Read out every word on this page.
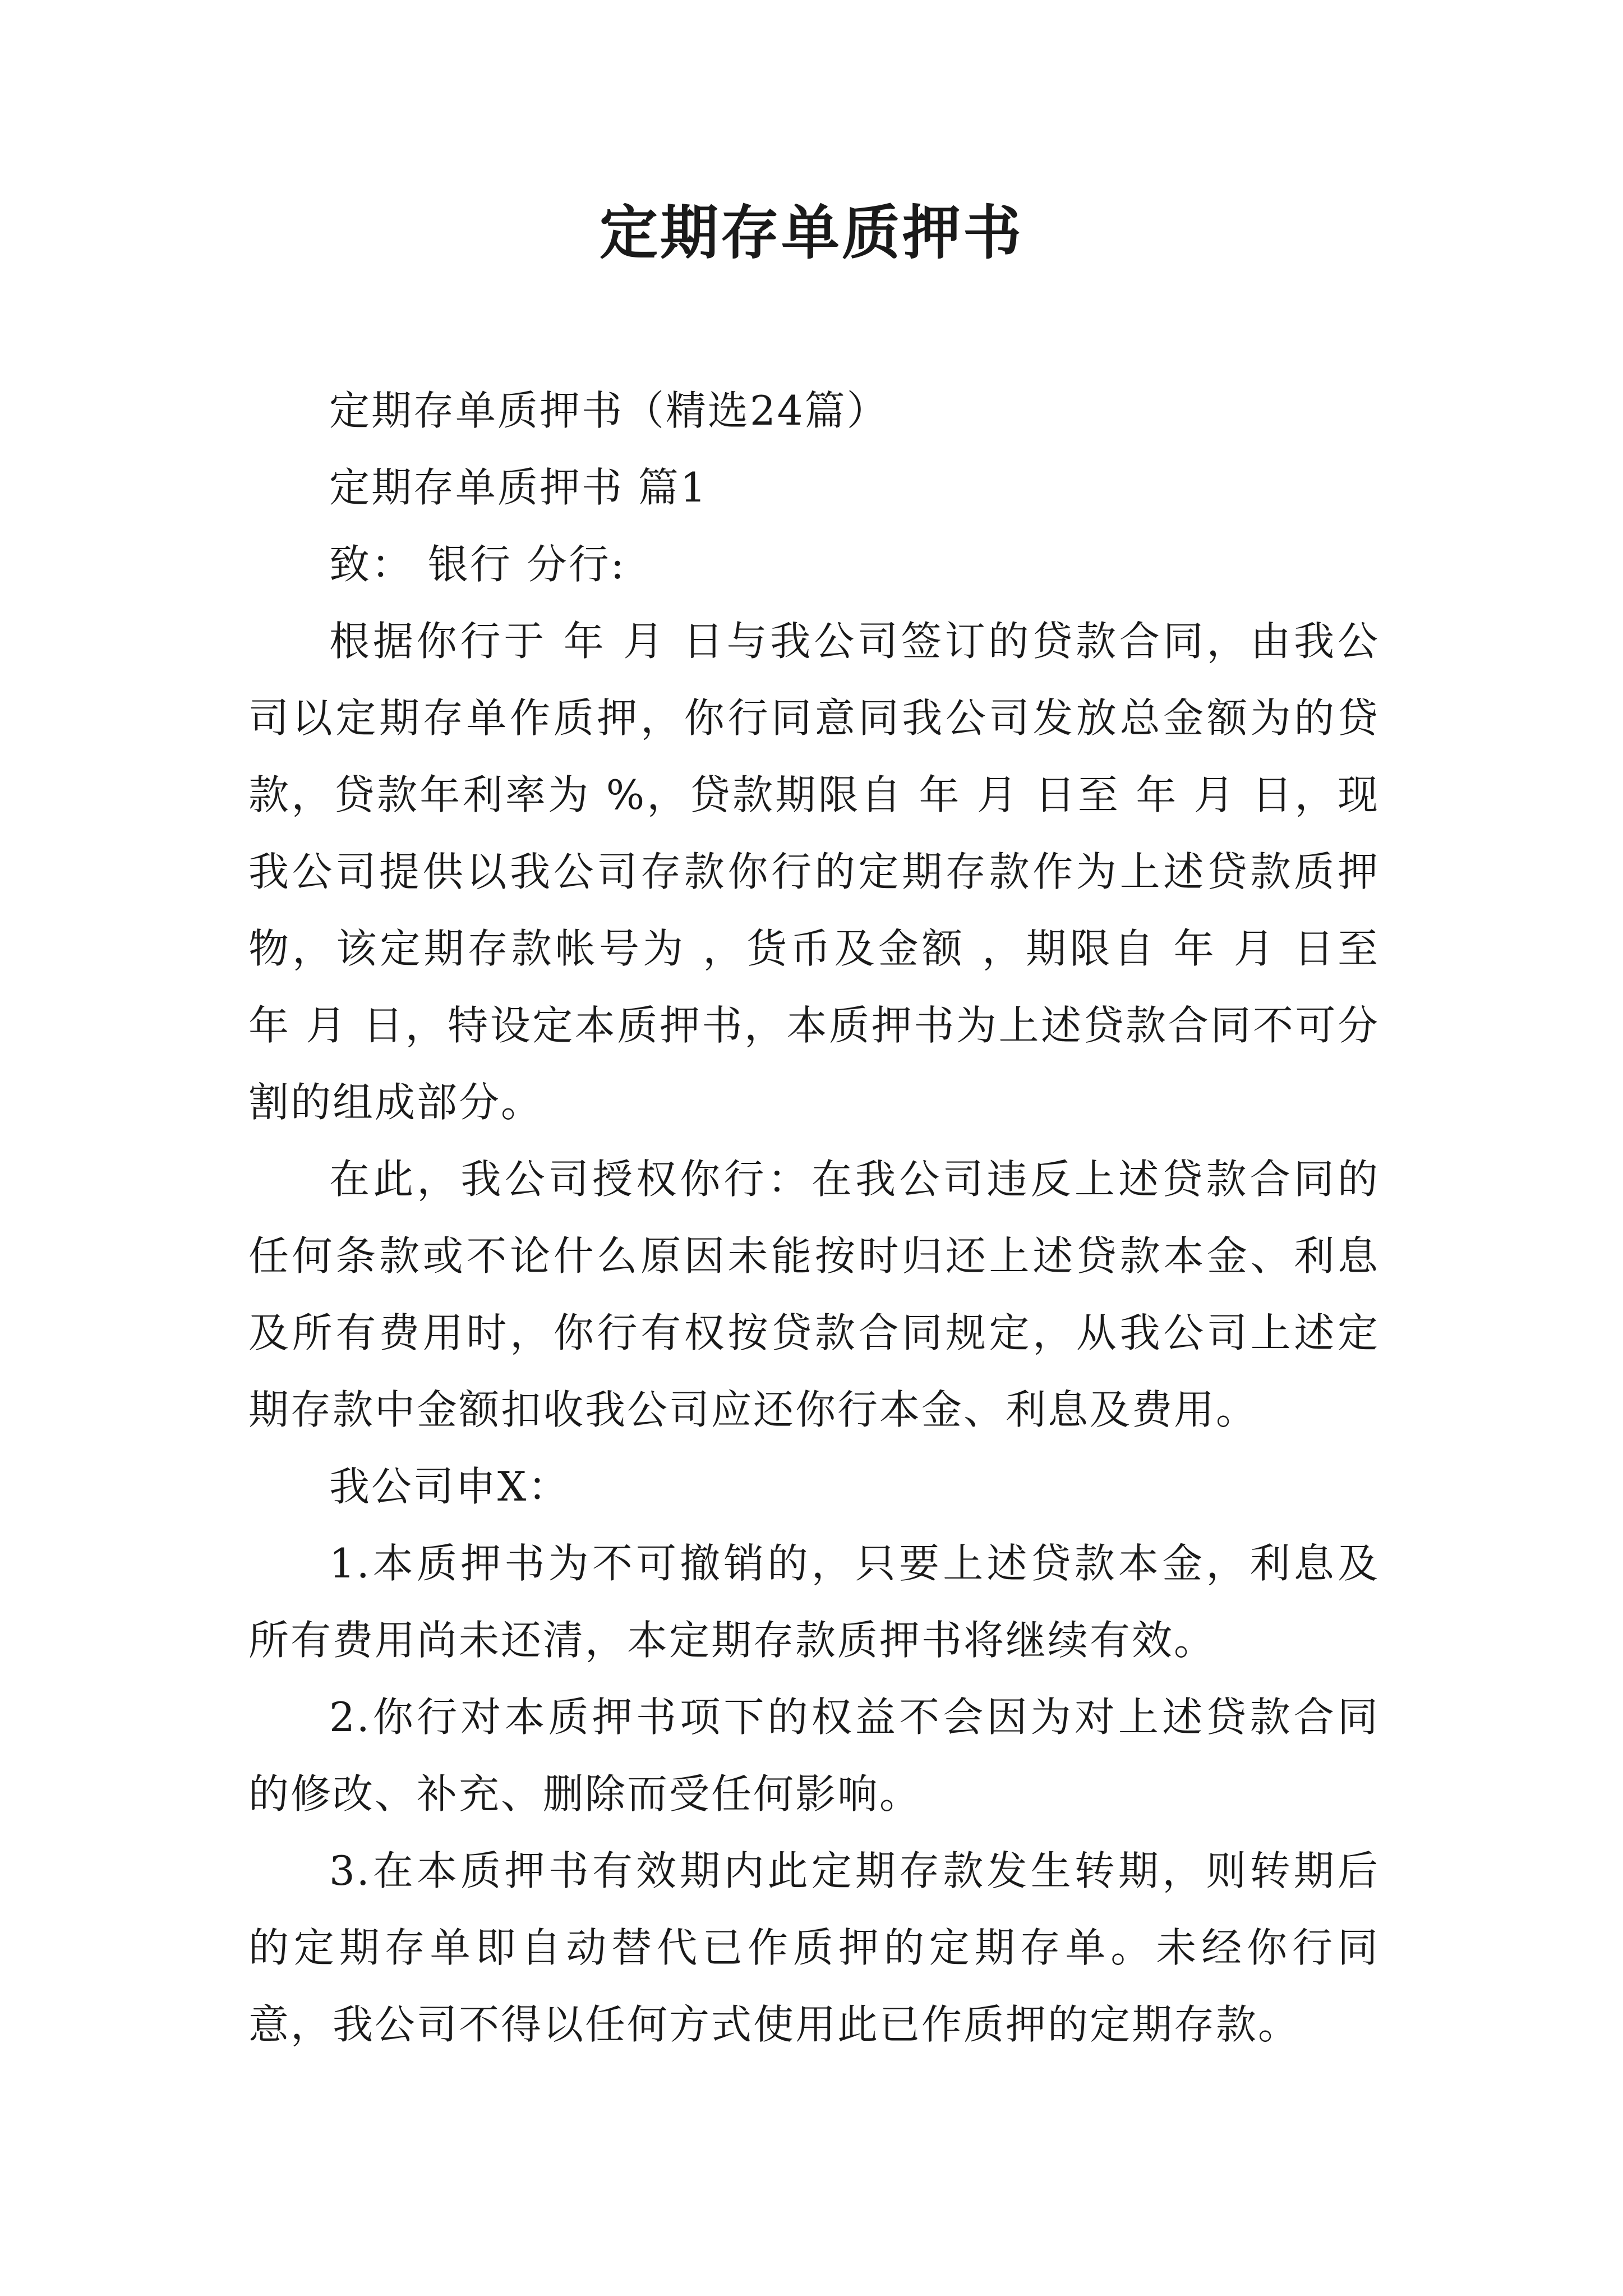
定期存单质押书

定期存单质押书（精选24篇）

定期存单质押书 篇1

致： 银行 分行:

根据你行于 年 月 日与我公司签订的贷款合同，由我公司以定期存单作质押，你行同意同我公司发放总金额为的贷款，贷款年利率为 %，贷款期限自 年 月 日至 年 月 日，现我公司提供以我公司存款你行的定期存款作为上述贷款质押物，该定期存款帐号为 ，货币及金额 ，期限自 年 月 日至 年 月 日，特设定本质押书，本质押书为上述贷款合同不可分割的组成部分。

在此，我公司授权你行：在我公司违反上述贷款合同的任何条款或不论什么原因未能按时归还上述贷款本金、利息及所有费用时，你行有权按贷款合同规定，从我公司上述定期存款中金额扣收我公司应还你行本金、利息及费用。

我公司申X：

1.本质押书为不可撤销的，只要上述贷款本金，利息及所有费用尚未还清，本定期存款质押书将继续有效。

2.你行对本质押书项下的权益不会因为对上述贷款合同的修改、补充、删除而受任何影响。

3.在本质押书有效期内此定期存款发生转期，则转期后的定期存单即自动替代已作质押的定期存单。未经你行同意，我公司不得以任何方式使用此已作质押的定期存款。
